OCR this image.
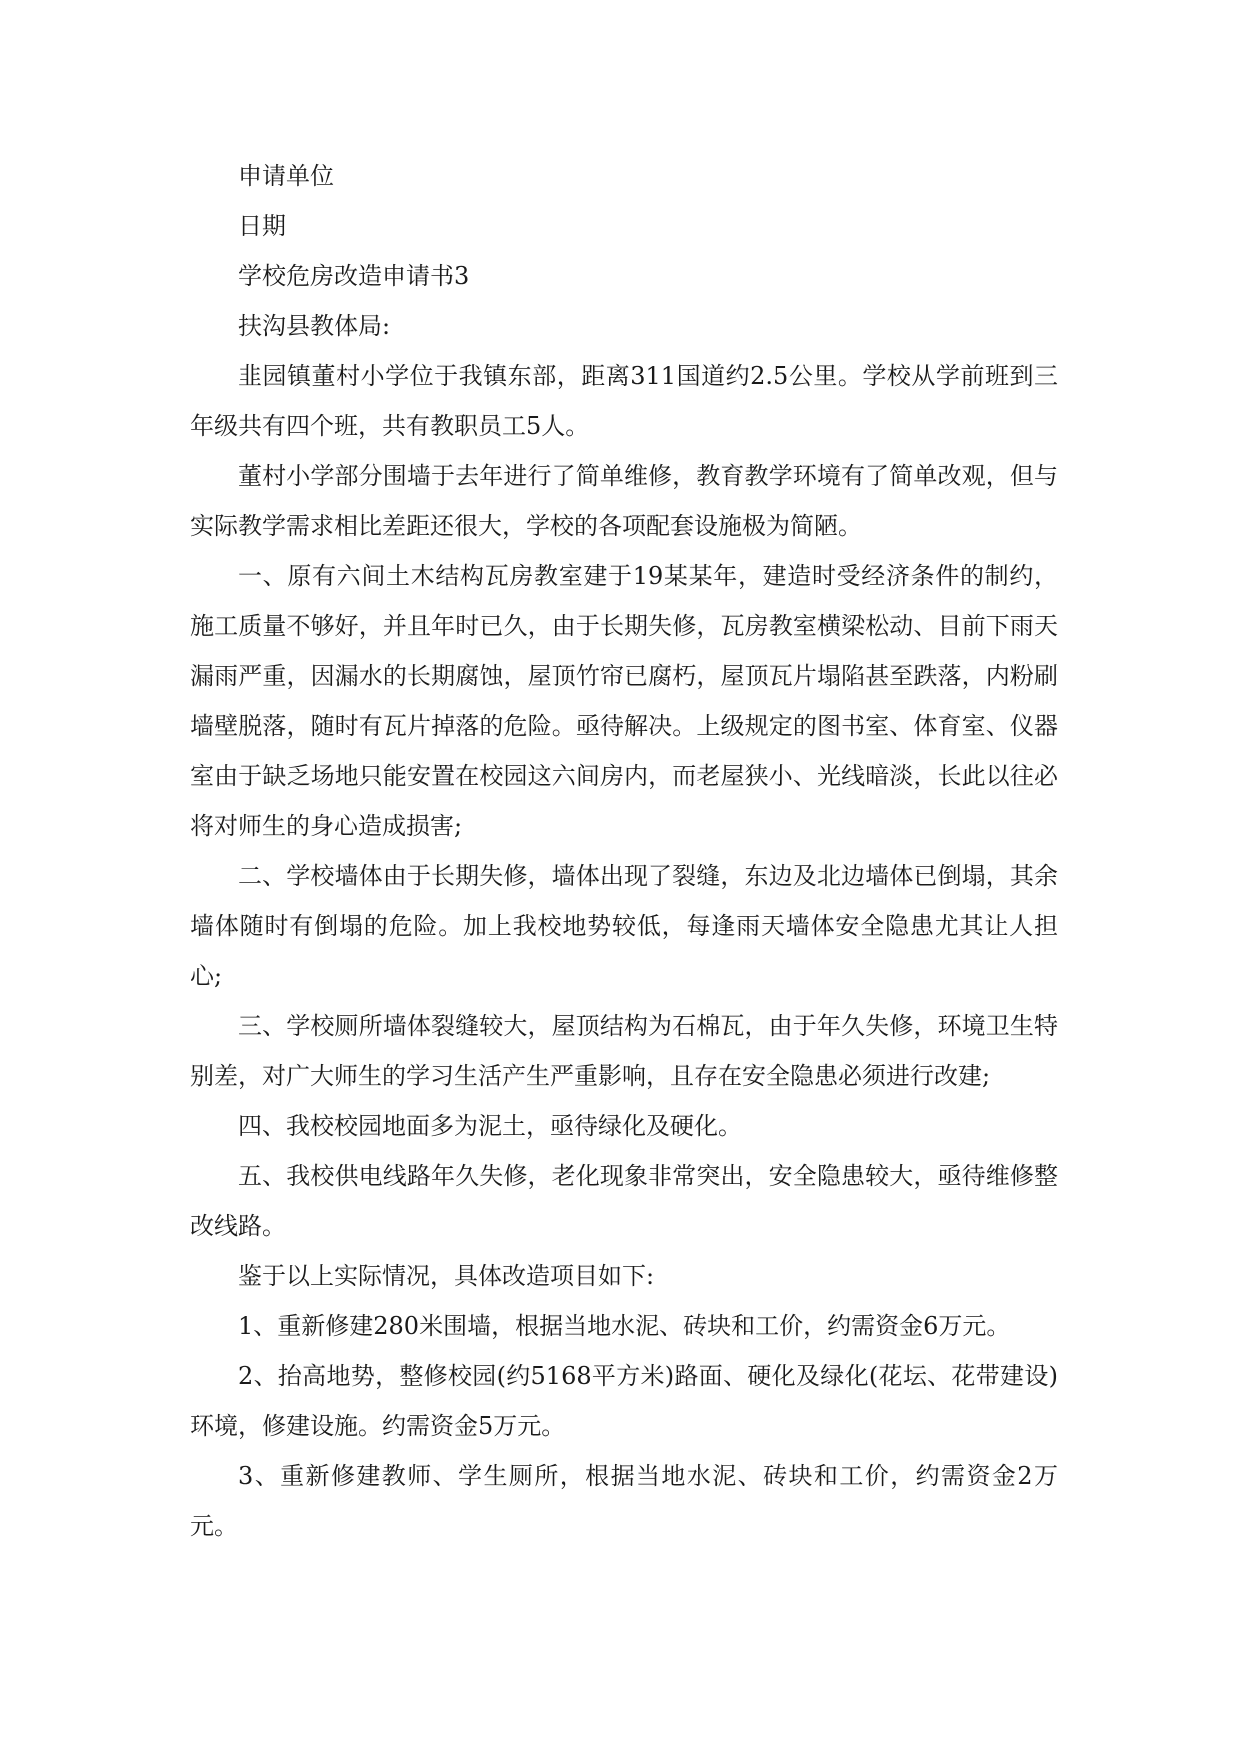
申请单位

日期

学校危房改造申请书3

扶沟县教体局:

韭园镇董村小学位于我镇东部，距离311国道约2.5公里。学校从学前班到三年级共有四个班，共有教职员工5人。

董村小学部分围墙于去年进行了简单维修，教育教学环境有了简单改观，但与实际教学需求相比差距还很大，学校的各项配套设施极为简陋。

一、原有六间土木结构瓦房教室建于19某某年，建造时受经济条件的制约，施工质量不够好，并且年时已久，由于长期失修，瓦房教室横梁松动、目前下雨天漏雨严重，因漏水的长期腐蚀，屋顶竹帘已腐朽，屋顶瓦片塌陷甚至跌落，内粉刷墙壁脱落，随时有瓦片掉落的危险。亟待解决。上级规定的图书室、体育室、仪器室由于缺乏场地只能安置在校园这六间房内，而老屋狭小、光线暗淡，长此以往必将对师生的身心造成损害;

二、学校墙体由于长期失修，墙体出现了裂缝，东边及北边墙体已倒塌，其余墙体随时有倒塌的危险。加上我校地势较低，每逢雨天墙体安全隐患尤其让人担心;

三、学校厕所墙体裂缝较大，屋顶结构为石棉瓦，由于年久失修，环境卫生特别差，对广大师生的学习生活产生严重影响，且存在安全隐患必须进行改建;

四、我校校园地面多为泥土，亟待绿化及硬化。

五、我校供电线路年久失修，老化现象非常突出，安全隐患较大，亟待维修整改线路。

鉴于以上实际情况，具体改造项目如下:

1、重新修建280米围墙，根据当地水泥、砖块和工价，约需资金6万元。

2、抬高地势，整修校园(约5168平方米)路面、硬化及绿化(花坛、花带建设)环境，修建设施。约需资金5万元。

3、重新修建教师、学生厕所，根据当地水泥、砖块和工价，约需资金2万元。
